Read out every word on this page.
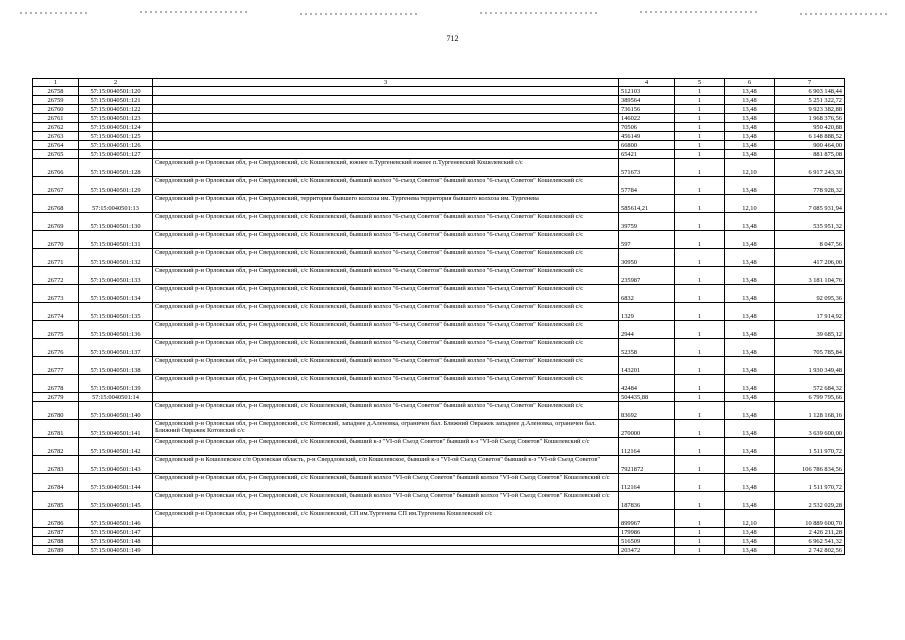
712
1	2	3	4	5	6	7
26758	57:15:0040501:120		512103	1	13,48	6 903 148,44
26759	57:15:0040501:121		389564	1	13,48	5 251 322,72
26760	57:15:0040501:122		736156	1	13,48	9 923 382,88
26761	57:15:0040501:123		146022	1	13,48	1 968 376,56
26762	57:15:0040501:124		70506	1	13,48	950 420,88
26763	57:15:0040501:125		456149	1	13,48	6 148 888,52
26764	57:15:0040501:126		66800	1	13,48	900 464,00
26765	57:15:0040501:127		65421	1	13,48	881 875,08
26766	57:15:0040501:128	Свердловский р-н Орловская обл, р-н Свердловский, с/с Кошелевский, южнее п.Тургеневский южнее п.Тургеневский Кошелевский с/с	571673	1	12,10	6 917 243,30
26767	57:15:0040501:129	Свердловский р-н Орловская обл, р-н Свердловский, с/с Кошелевский, бывший колхоз "6-съезд Советов" бывший колхоз "6-съезд Советов" Кошелевский с/с	57784	1	13,48	778 928,32
26768	57:15:0040501:13	Свердловский р-н Орловская обл, р-н Свердловский, территория бывшего колхоза им. Тургенева территория бывшего колхоза им. Тургенева	585614,21	1	12,10	7 085 931,94
26769	57:15:0040501:130	Свердловский р-н Орловская обл, р-н Свердловский, с/с Кошелевский, бывший колхоз "6-съезд Советов" бывший колхоз "6-съезд Советов" Кошелевский с/с	39759	1	13,48	535 951,32
26770	57:15:0040501:131	Свердловский р-н Орловская обл, р-н Свердловский, с/с Кошелевский, бывший колхоз "6-съезд Советов" бывший колхоз "6-съезд Советов" Кошелевский с/с	597	1	13,48	8 047,56
26771	57:15:0040501:132	Свердловский р-н Орловская обл, р-н Свердловский, с/с Кошелевский, бывший колхоз "6-съезд Советов" бывший колхоз "6-съезд Советов" Кошелевский с/с	30950	1	13,48	417 206,00
26772	57:15:0040501:133	Свердловский р-н Орловская обл, р-н Свердловский, с/с Кошелевский, бывший колхоз "6-съезд Советов" бывший колхоз "6-съезд Советов" Кошелевский с/с	235987	1	13,48	3 181 104,76
26773	57:15:0040501:134	Свердловский р-н Орловская обл, р-н Свердловский, с/с Кошелевский, бывший колхоз "6-съезд Советов" бывший колхоз "6-съезд Советов" Кошелевский с/с	6832	1	13,48	92 095,36
26774	57:15:0040501:135	Свердловский р-н Орловская обл, р-н Свердловский, с/с Кошелевский, бывший колхоз "6-съезд Советов" бывший колхоз "6-съезд Советов" Кошелевский с/с	1329	1	13,48	17 914,92
26775	57:15:0040501:136	Свердловский р-н Орловская обл, р-н Свердловский, с/с Кошелевский, бывший колхоз "6-съезд Советов" бывший колхоз "6-съезд Советов" Кошелевский с/с	2944	1	13,48	39 685,12
26776	57:15:0040501:137	Свердловский р-н Орловская обл, р-н Свердловский, с/с Кошелевский, бывший колхоз "6-съезд Советов" бывший колхоз "6-съезд Советов" Кошелевский с/с	52358	1	13,48	705 785,84
26777	57:15:0040501:138	Свердловский р-н Орловская обл, р-н Свердловский, с/с Кошелевский, бывший колхоз "6-съезд Советов" бывший колхоз "6-съезд Советов" Кошелевский с/с	143201	1	13,48	1 930 349,48
26778	57:15:0040501:139	Свердловский р-н Орловская обл, р-н Свердловский, с/с Кошелевский, бывший колхоз "6-съезд Советов" бывший колхоз "6-съезд Советов" Кошелевский с/с	42484	1	13,48	572 684,32
26779	57:15:0040501:14		504435,88	1	13,48	6 799 795,66
26780	57:15:0040501:140	Свердловский р-н Орловская обл, р-н Свердловский, с/с Кошелевский, бывший колхоз "6-съезд Советов" бывший колхоз "6-съезд Советов" Кошелевский с/с	83692	1	13,48	1 128 168,16
26781	57:15:0040501:141	Свердловский р-н Орловская обл, р-н Свердловский, с/с Котовский, западнее д.Аленовка, ограничен бал. Ближний Овражек западнее д.Аленовка, ограничен бал. Ближний Овражек Котовский с/с	270000	1	13,48	3 639 600,00
26782	57:15:0040501:142	Свердловский р-н Орловская обл, р-н Свердловский, с/с Кошелевский, бывший к-з "VI-ой Съезд Советов" бывший к-з "VI-ой Съезд Советов" Кошелевский с/с	112164	1	13,48	1 511 970,72
26783	57:15:0040501:143	Свердловский р-н Кошелевское с/п Орловская область, р-н Свердловский, с/п Кошелевское, бывший к-з "VI-ой Съезд Советов" бывший к-з "VI-ой Съезд Советов"	7921872	1	13,48	106 786 834,56
26784	57:15:0040501:144	Свердловский р-н Орловская обл, р-н Свердловский, с/с Кошелевский, бывший колхоз "VI-ой Съезд Советов" бывший колхоз "VI-ой Съезд Советов" Кошелевский с/с	112164	1	13,48	1 511 970,72
26785	57:15:0040501:145	Свердловский р-н Орловская обл, р-н Свердловский, с/с Кошелевский, бывший колхоз "VI-ой Съезд Советов" бывший колхоз "VI-ой Съезд Советов" Кошелевский с/с	187836	1	13,48	2 532 029,28
26786	57:15:0040501:146	Свердловский р-н Орловская обл, р-н Свердловский, с/с Кошелевский, СП им.Тургенева СП им.Тургенева Кошелевский с/с	899967	1	12,10	10 889 600,70
26787	57:15:0040501:147		179986	1	13,48	2 426 211,28
26788	57:15:0040501:148		516509	1	13,48	6 962 541,32
26789	57:15:0040501:149		203472	1	13,48	2 742 802,56
